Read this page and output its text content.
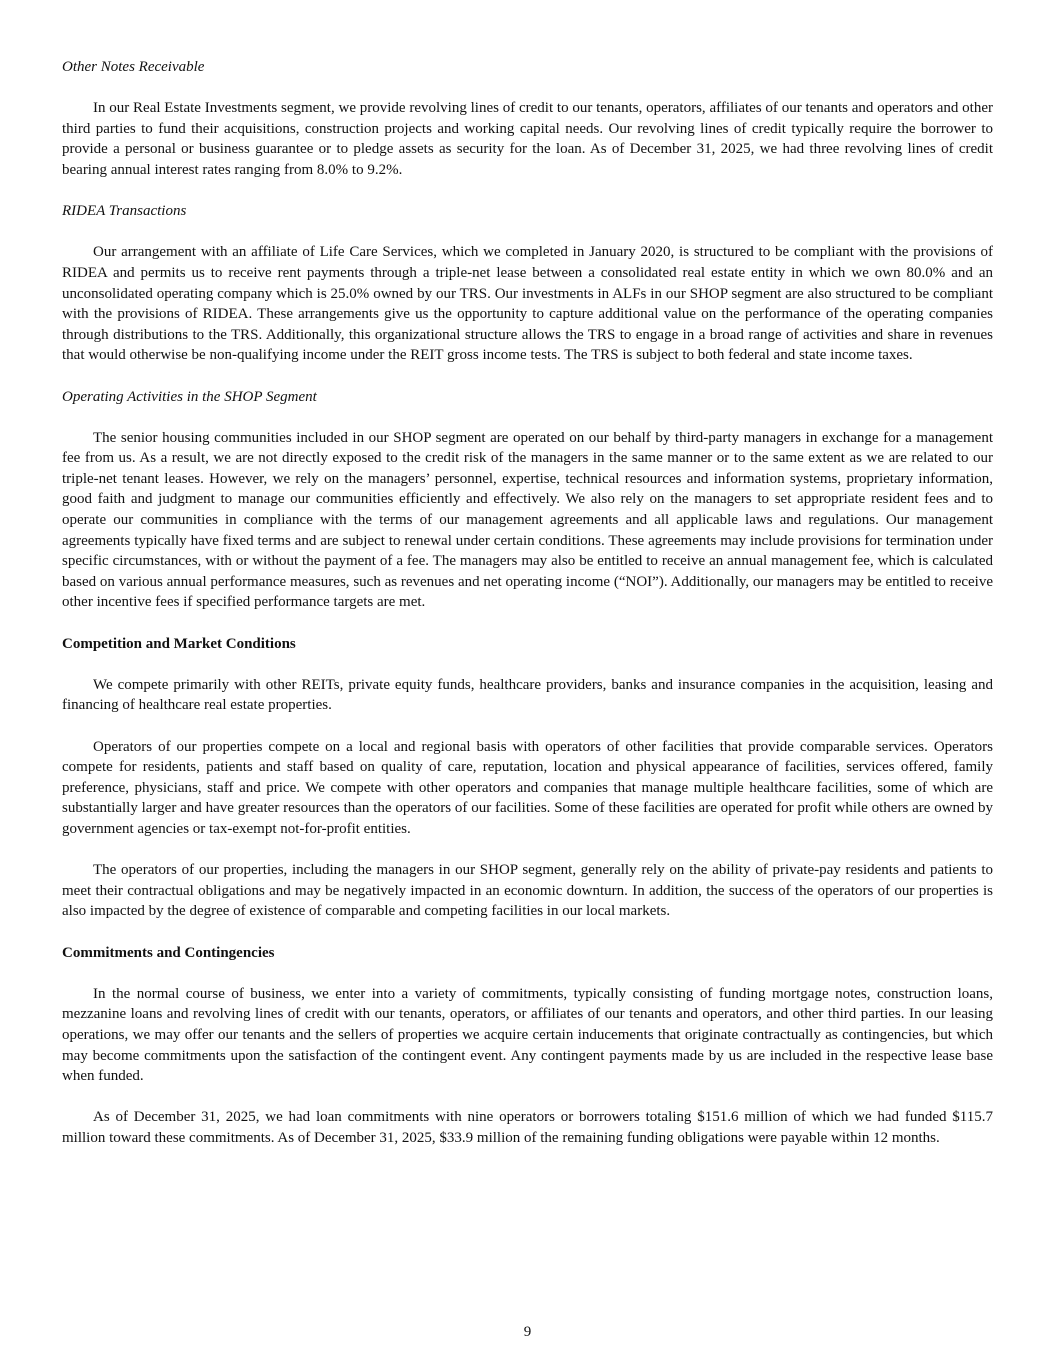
Other Notes Receivable

In our Real Estate Investments segment, we provide revolving lines of credit to our tenants, operators, affiliates of our tenants and operators and other third parties to fund their acquisitions, construction projects and working capital needs. Our revolving lines of credit typically require the borrower to provide a personal or business guarantee or to pledge assets as security for the loan. As of December 31, 2025, we had three revolving lines of credit bearing annual interest rates ranging from 8.0% to 9.2%.

RIDEA Transactions

Our arrangement with an affiliate of Life Care Services, which we completed in January 2020, is structured to be compliant with the provisions of RIDEA and permits us to receive rent payments through a triple-net lease between a consolidated real estate entity in which we own 80.0% and an unconsolidated operating company which is 25.0% owned by our TRS. Our investments in ALFs in our SHOP segment are also structured to be compliant with the provisions of RIDEA. These arrangements give us the opportunity to capture additional value on the performance of the operating companies through distributions to the TRS. Additionally, this organizational structure allows the TRS to engage in a broad range of activities and share in revenues that would otherwise be non-qualifying income under the REIT gross income tests. The TRS is subject to both federal and state income taxes.

Operating Activities in the SHOP Segment

The senior housing communities included in our SHOP segment are operated on our behalf by third-party managers in exchange for a management fee from us. As a result, we are not directly exposed to the credit risk of the managers in the same manner or to the same extent as we are related to our triple-net tenant leases. However, we rely on the managers’ personnel, expertise, technical resources and information systems, proprietary information, good faith and judgment to manage our communities efficiently and effectively. We also rely on the managers to set appropriate resident fees and to operate our communities in compliance with the terms of our management agreements and all applicable laws and regulations. Our management agreements typically have fixed terms and are subject to renewal under certain conditions. These agreements may include provisions for termination under specific circumstances, with or without the payment of a fee. The managers may also be entitled to receive an annual management fee, which is calculated based on various annual performance measures, such as revenues and net operating income (“NOI”). Additionally, our managers may be entitled to receive other incentive fees if specified performance targets are met.

Competition and Market Conditions

We compete primarily with other REITs, private equity funds, healthcare providers, banks and insurance companies in the acquisition, leasing and financing of healthcare real estate properties.

Operators of our properties compete on a local and regional basis with operators of other facilities that provide comparable services. Operators compete for residents, patients and staff based on quality of care, reputation, location and physical appearance of facilities, services offered, family preference, physicians, staff and price. We compete with other operators and companies that manage multiple healthcare facilities, some of which are substantially larger and have greater resources than the operators of our facilities. Some of these facilities are operated for profit while others are owned by government agencies or tax-exempt not-for-profit entities.

The operators of our properties, including the managers in our SHOP segment, generally rely on the ability of private-pay residents and patients to meet their contractual obligations and may be negatively impacted in an economic downturn. In addition, the success of the operators of our properties is also impacted by the degree of existence of comparable and competing facilities in our local markets.

Commitments and Contingencies

In the normal course of business, we enter into a variety of commitments, typically consisting of funding mortgage notes, construction loans, mezzanine loans and revolving lines of credit with our tenants, operators, or affiliates of our tenants and operators, and other third parties. In our leasing operations, we may offer our tenants and the sellers of properties we acquire certain inducements that originate contractually as contingencies, but which may become commitments upon the satisfaction of the contingent event. Any contingent payments made by us are included in the respective lease base when funded.

As of December 31, 2025, we had loan commitments with nine operators or borrowers totaling $151.6 million of which we had funded $115.7 million toward these commitments. As of December 31, 2025, $33.9 million of the remaining funding obligations were payable within 12 months.

9
